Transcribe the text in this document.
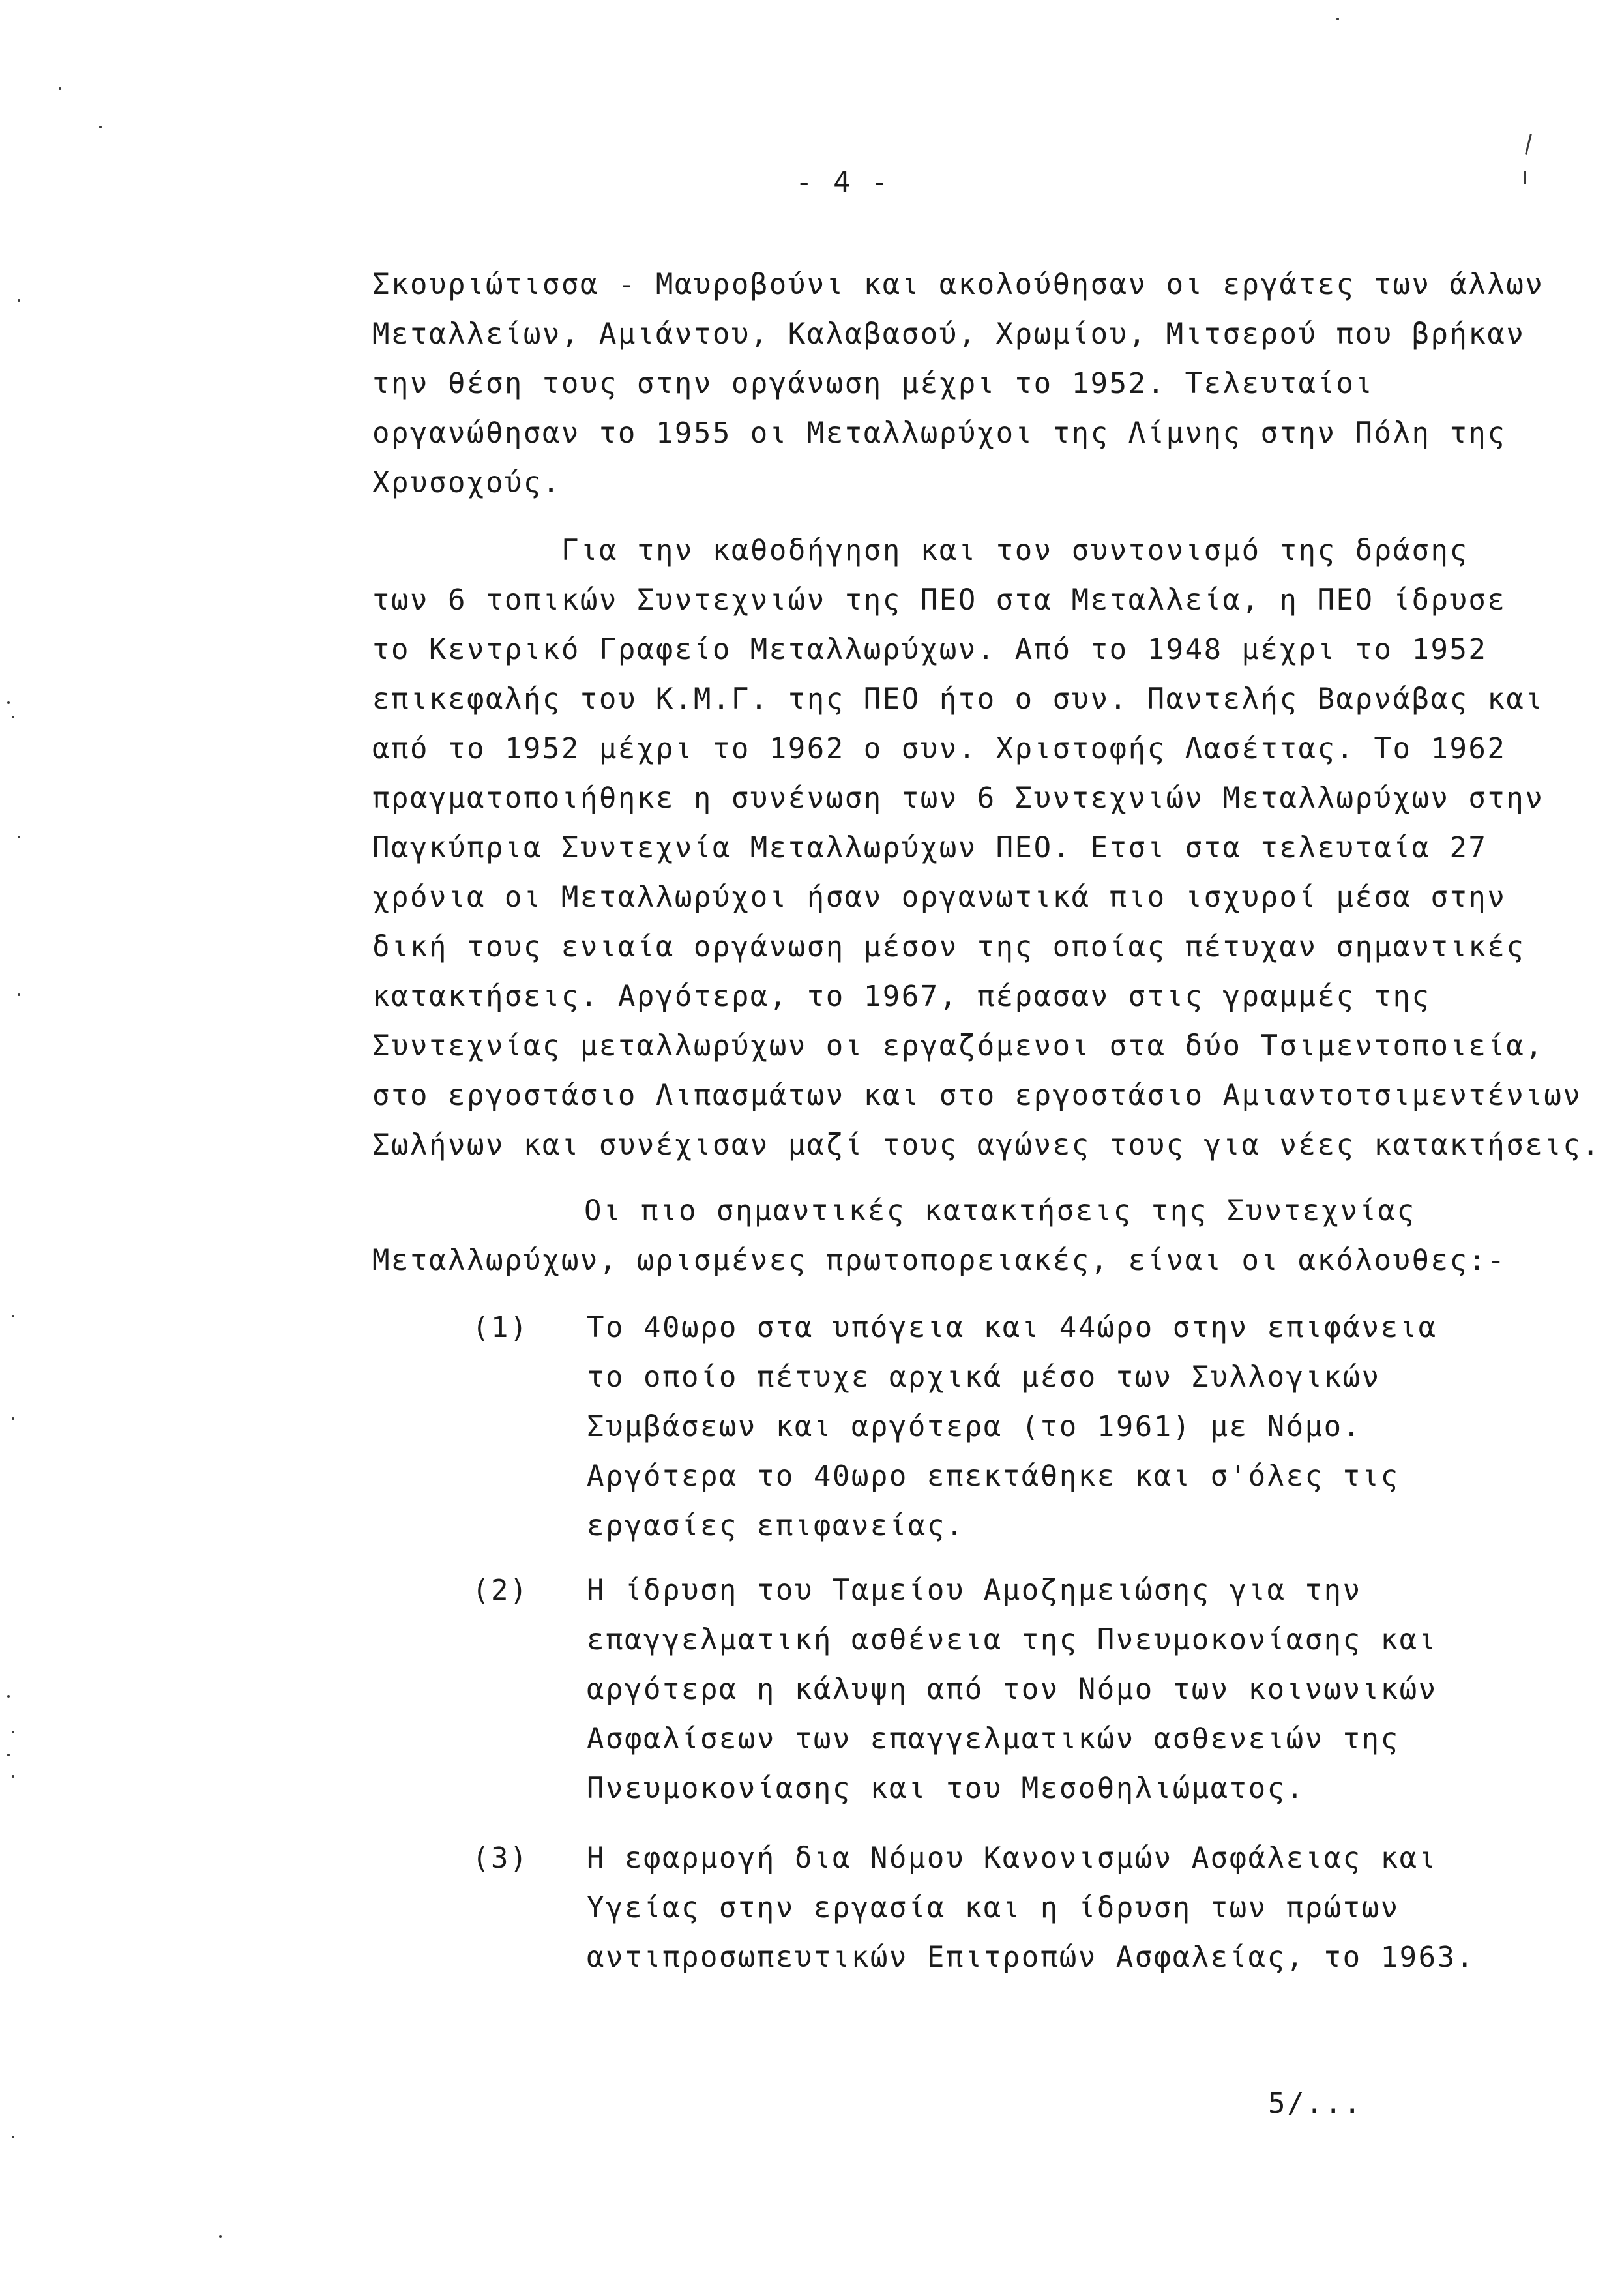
- 4 -
Σκουριώτισσα - Μαυροβούνι και ακολούθησαν οι εργάτες των άλλων
Μεταλλείων, Αμιάντου, Καλαβασού, Χρωμίου, Μιτσερού που βρήκαν
την θέση τους στην οργάνωση μέχρι το 1952. Τελευταίοι
οργανώθησαν το 1955 οι Μεταλλωρύχοι της Λίμνης στην Πόλη της
Χρυσοχούς.
Για την καθοδήγηση και τον συντονισμό της δράσης
των 6 τοπικών Συντεχνιών της ΠΕΟ στα Μεταλλεία, η ΠΕΟ ίδρυσε
το Κεντρικό Γραφείο Μεταλλωρύχων. Από το 1948 μέχρι το 1952
επικεφαλής του Κ.Μ.Γ. της ΠΕΟ ήτο ο συν. Παντελής Βαρνάβας και
από το 1952 μέχρι το 1962 ο συν. Χριστοφής Λασέττας. Το 1962
πραγματοποιήθηκε η συνένωση των 6 Συντεχνιών Μεταλλωρύχων στην
Παγκύπρια Συντεχνία Μεταλλωρύχων ΠΕΟ. Ετσι στα τελευταία 27
χρόνια οι Μεταλλωρύχοι ήσαν οργανωτικά πιο ισχυροί μέσα στην
δική τους ενιαία οργάνωση μέσον της οποίας πέτυχαν σημαντικές
κατακτήσεις. Αργότερα, το 1967, πέρασαν στις γραμμές της
Συντεχνίας μεταλλωρύχων οι εργαζόμενοι στα δύο Τσιμεντοποιεία,
στο εργοστάσιο Λιπασμάτων και στο εργοστάσιο Αμιαντοτσιμεντένιων
Σωλήνων και συνέχισαν μαζί τους αγώνες τους για νέες κατακτήσεις.
Οι πιο σημαντικές κατακτήσεις της Συντεχνίας
Μεταλλωρύχων, ωρισμένες πρωτοπορειακές, είναι οι ακόλουθες:-
(1) Το 40ωρο στα υπόγεια και 44ώρο στην επιφάνεια
το οποίο πέτυχε αρχικά μέσο των Συλλογικών
Συμβάσεων και αργότερα (το 1961) με Νόμο.
Αργότερα το 40ωρο επεκτάθηκε και σ'όλες τις
εργασίες επιφανείας.
(2) Η ίδρυση του Ταμείου Αμοζημειώσης για την
επαγγελματική ασθένεια της Πνευμοκονίασης και
αργότερα η κάλυψη από τον Νόμο των κοινωνικών
Ασφαλίσεων των επαγγελματικών ασθενειών της
Πνευμοκονίασης και του Μεσοθηλιώματος.
(3) Η εφαρμογή δια Νόμου Κανονισμών Ασφάλειας και
Υγείας στην εργασία και η ίδρυση των πρώτων
αντιπροσωπευτικών Επιτροπών Ασφαλείας, το 1963.
5/...
